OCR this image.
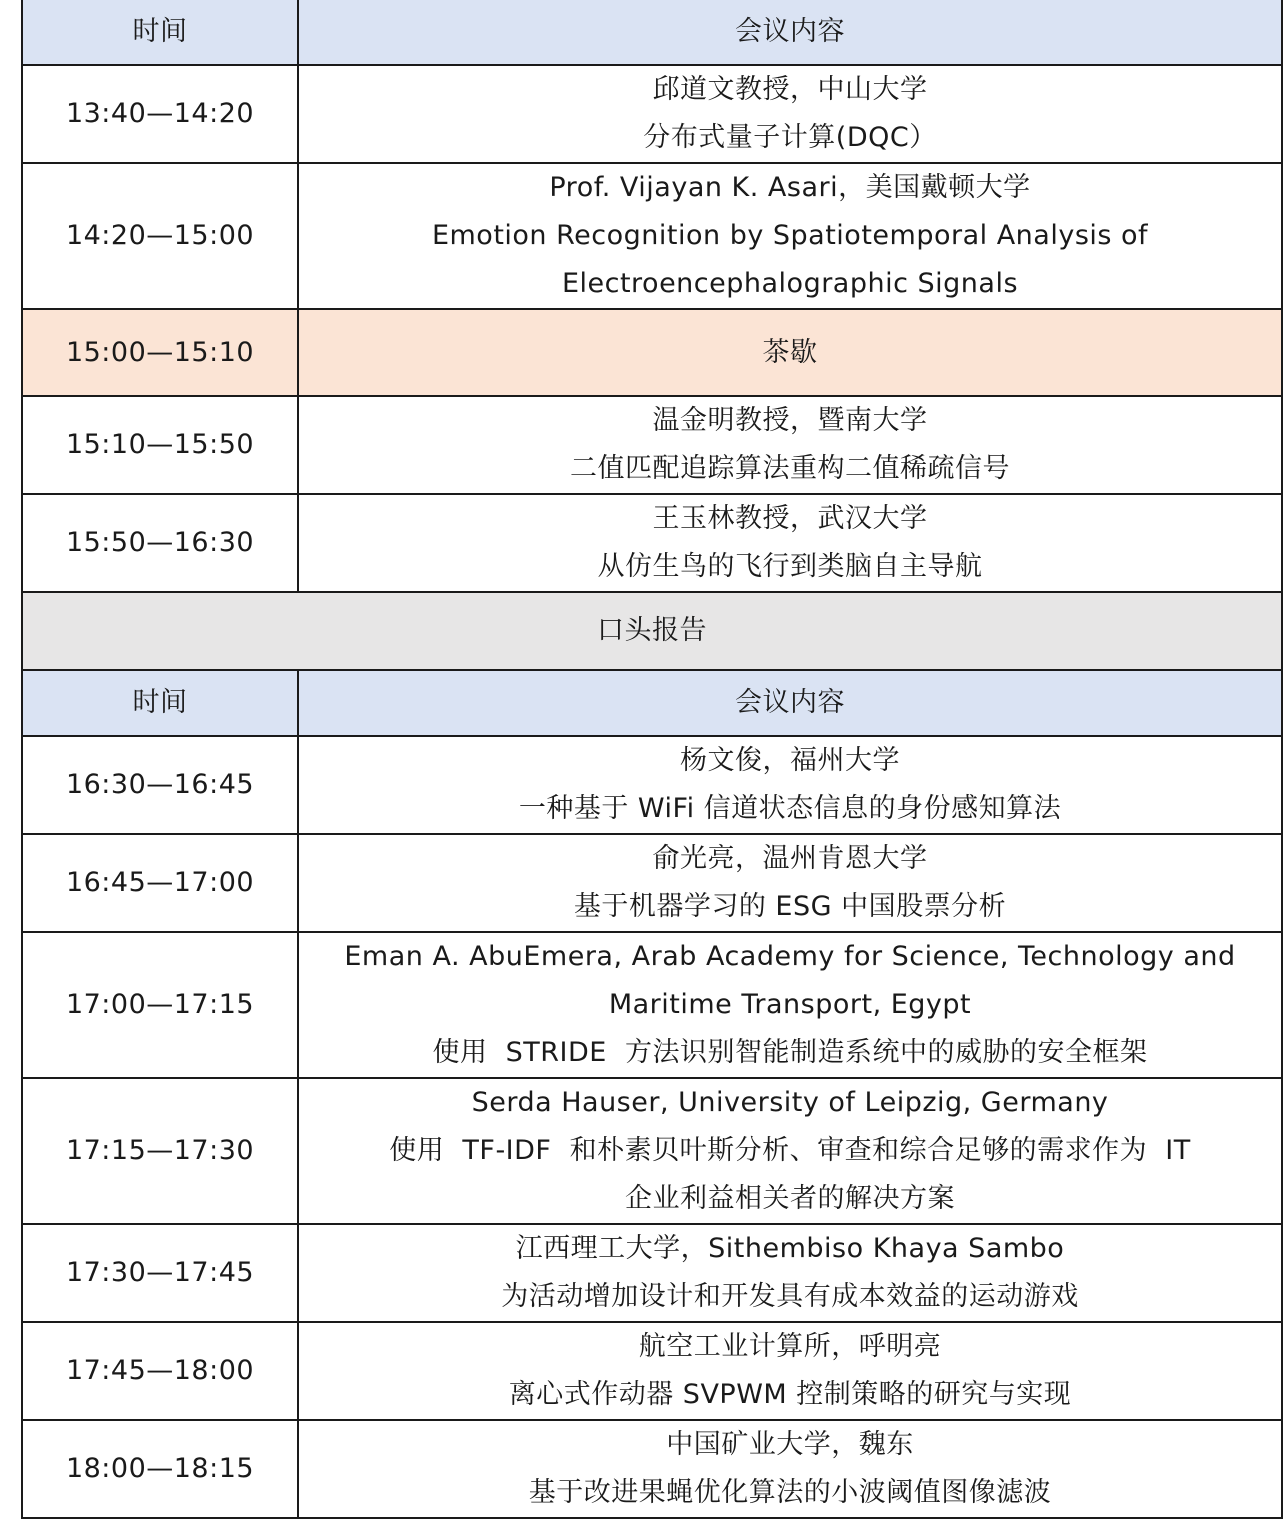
时间	会议内容
13:40—14:20	邱道文教授，中山大学
分布式量子计算(DQC）

14:20—15:00	Prof. Vijayan K. Asari，美国戴顿大学
Emotion Recognition by Spatiotemporal Analysis of
Electroencephalographic Signals

15:00—15:10	茶歇
15:10—15:50	温金明教授，暨南大学
二值匹配追踪算法重构二值稀疏信号

15:50—16:30	王玉林教授，武汉大学
从仿生鸟的飞行到类脑自主导航

口头报告	
时间	会议内容
16:30—16:45	杨文俊，福州大学
一种基于 WiFi 信道状态信息的身份感知算法

16:45—17:00	俞光亮，温州肯恩大学
基于机器学习的 ESG 中国股票分析

17:00—17:15	Eman A. AbuEmera, Arab Academy for Science, Technology and
Maritime Transport, Egypt
使用  STRIDE  方法识别智能制造系统中的威胁的安全框架

17:15—17:30	Serda Hauser, University of Leipzig, Germany
使用  TF-IDF  和朴素贝叶斯分析、审查和综合足够的需求作为  IT
企业利益相关者的解决方案

17:30—17:45	江西理工大学，Sithembiso Khaya Sambo
为活动增加设计和开发具有成本效益的运动游戏

17:45—18:00	航空工业计算所，呼明亮
离心式作动器 SVPWM 控制策略的研究与实现

18:00—18:15	中国矿业大学，魏东
基于改进果蝇优化算法的小波阈值图像滤波
